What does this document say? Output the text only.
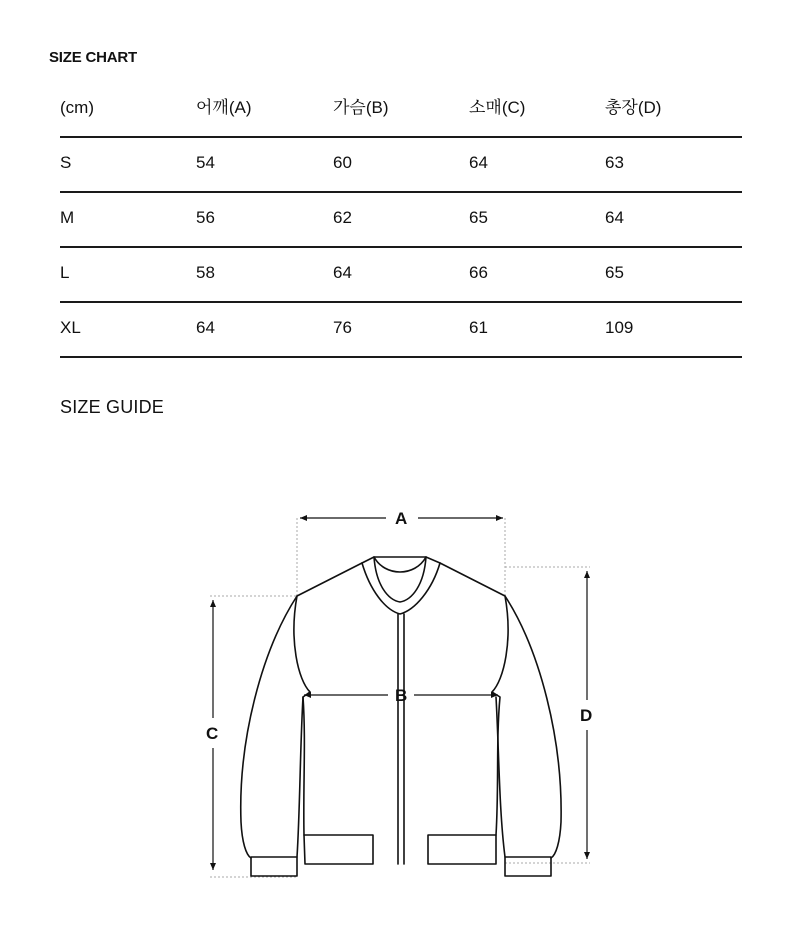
SIZE CHART
(cm)	어깨(A)	가슴(B)	소매(C)	총장(D)
S	54	60	64	63
M	56	62	65	64
L	58	64	66	65
XL	64	76	61	109
SIZE GUIDE
A
B
C
D
